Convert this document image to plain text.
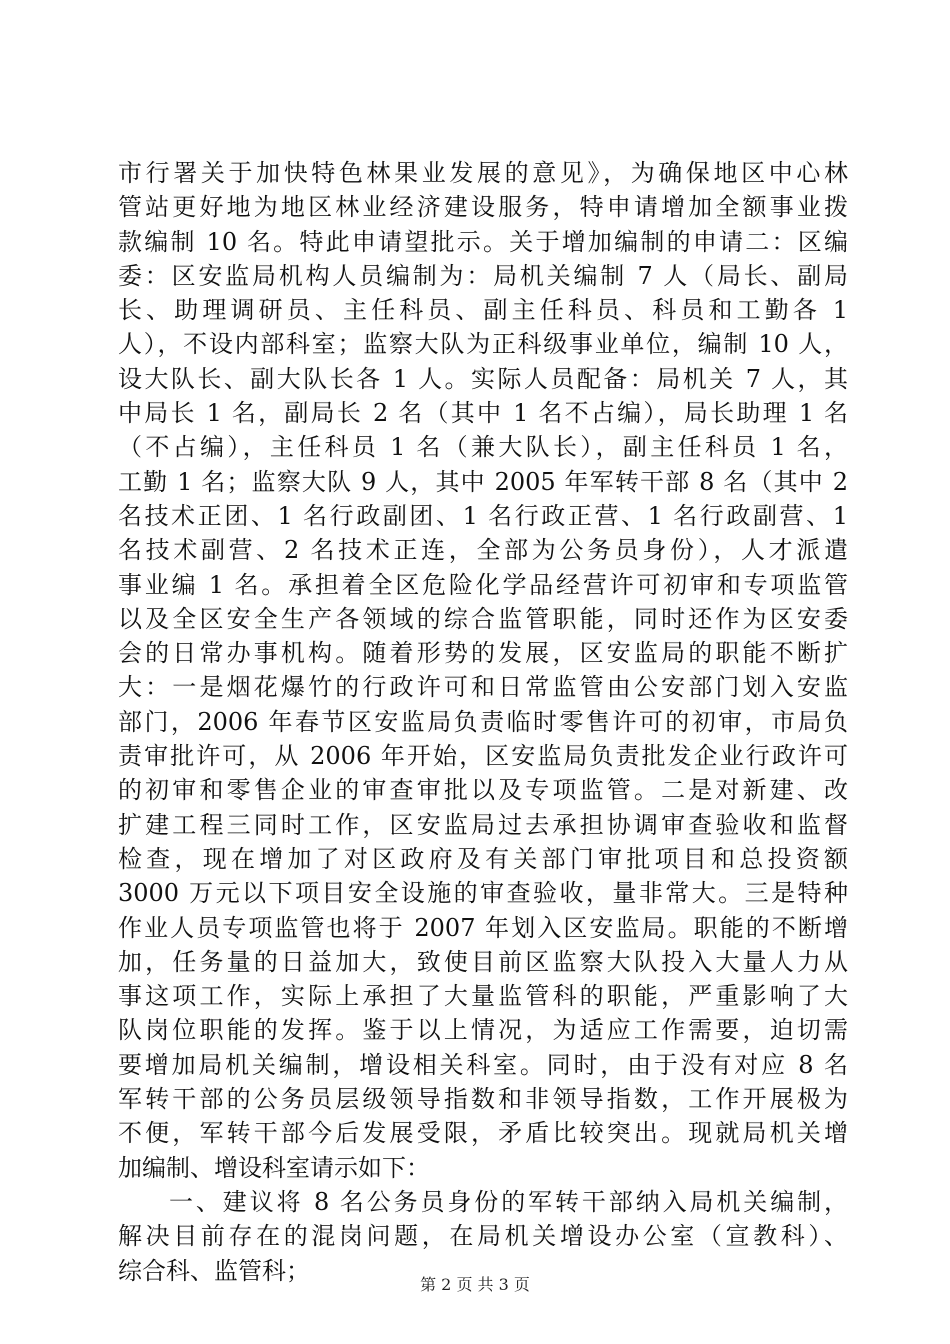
市行署关于加快特色林果业发展的意见》，为确保地区中心林
管站更好地为地区林业经济建设服务，特申请增加全额事业拨
款编制 10 名。特此申请望批示。关于增加编制的申请二：区编
委：区安监局机构人员编制为：局机关编制 7 人（局长、副局
长、助理调研员、主任科员、副主任科员、科员和工勤各 1
人），不设内部科室；监察大队为正科级事业单位，编制 10 人，
设大队长、副大队长各 1 人。实际人员配备：局机关 7 人，其
中局长 1 名，副局长 2 名（其中 1 名不占编），局长助理 1 名
（不占编），主任科员 1 名（兼大队长），副主任科员 1 名，
工勤 1 名；监察大队 9 人，其中 2005 年军转干部 8 名（其中 2
名技术正团、1 名行政副团、1 名行政正营、1 名行政副营、1
名技术副营、2 名技术正连，全部为公务员身份），人才派遣
事业编 1 名。承担着全区危险化学品经营许可初审和专项监管
以及全区安全生产各领域的综合监管职能，同时还作为区安委
会的日常办事机构。随着形势的发展，区安监局的职能不断扩
大：一是烟花爆竹的行政许可和日常监管由公安部门划入安监
部门，2006 年春节区安监局负责临时零售许可的初审，市局负
责审批许可，从 2006 年开始，区安监局负责批发企业行政许可
的初审和零售企业的审查审批以及专项监管。二是对新建、改
扩建工程三同时工作，区安监局过去承担协调审查验收和监督
检查，现在增加了对区政府及有关部门审批项目和总投资额
3000 万元以下项目安全设施的审查验收，量非常大。三是特种
作业人员专项监管也将于 2007 年划入区安监局。职能的不断增
加，任务量的日益加大，致使目前区监察大队投入大量人力从
事这项工作，实际上承担了大量监管科的职能，严重影响了大
队岗位职能的发挥。鉴于以上情况，为适应工作需要，迫切需
要增加局机关编制，增设相关科室。同时，由于没有对应 8 名
军转干部的公务员层级领导指数和非领导指数，工作开展极为
不便，军转干部今后发展受限，矛盾比较突出。现就局机关增
加编制、增设科室请示如下：
一、建议将 8 名公务员身份的军转干部纳入局机关编制，
解决目前存在的混岗问题，在局机关增设办公室（宣教科）、
综合科、监管科；	第 2 页 共 3 页
